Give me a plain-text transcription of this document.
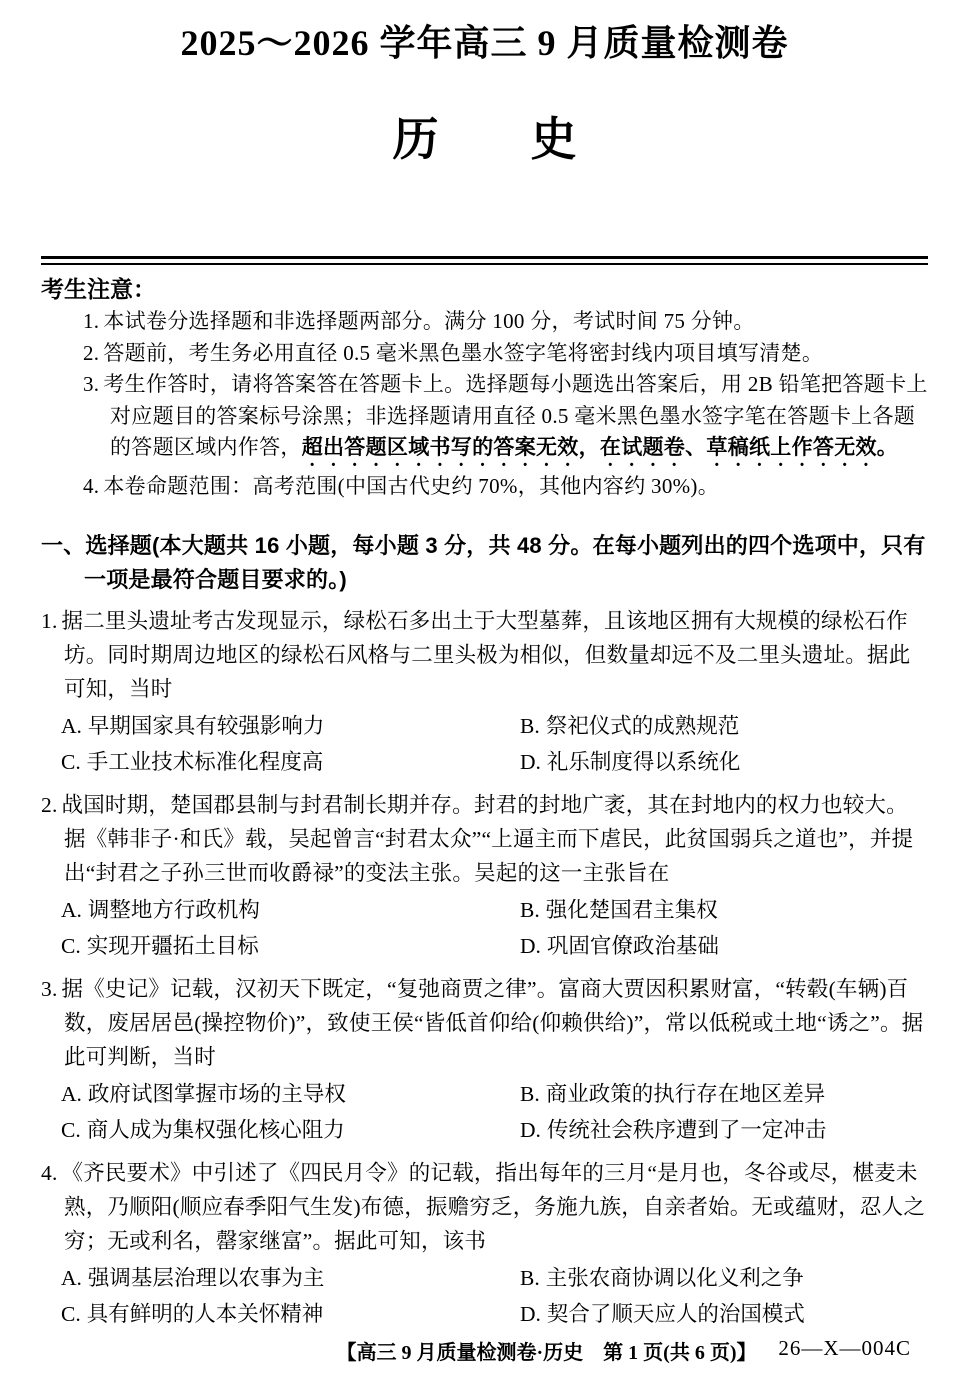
2025～2026 学年高三 9 月质量检测卷
历　　史
考生注意：
1. 本试卷分选择题和非选择题两部分。满分 100 分，考试时间 75 分钟。
2. 答题前，考生务必用直径 0.5 毫米黑色墨水签字笔将密封线内项目填写清楚。
3. 考生作答时，请将答案答在答题卡上。选择题每小题选出答案后，用 2B 铅笔把答题卡上对应题目的答案标号涂黑；非选择题请用直径 0.5 毫米黑色墨水签字笔在答题卡上各题的答题区域内作答，超出答题区域书写的答案无效，在试题卷、草稿纸上作答无效。
4. 本卷命题范围：高考范围(中国古代史约 70%，其他内容约 30%)。
一、选择题(本大题共 16 小题，每小题 3 分，共 48 分。在每小题列出的四个选项中，只有一项是最符合题目要求的。)

1. 据二里头遗址考古发现显示，绿松石多出土于大型墓葬，且该地区拥有大规模的绿松石作坊。同时期周边地区的绿松石风格与二里头极为相似，但数量却远不及二里头遗址。据此可知，当时

A. 早期国家具有较强影响力	B. 祭祀仪式的成熟规范
C. 手工业技术标准化程度高	D. 礼乐制度得以系统化

2. 战国时期，楚国郡县制与封君制长期并存。封君的封地广袤，其在封地内的权力也较大。据《韩非子·和氏》载，吴起曾言“封君太众”“上逼主而下虐民，此贫国弱兵之道也”，并提出“封君之子孙三世而收爵禄”的变法主张。吴起的这一主张旨在

A. 调整地方行政机构	B. 强化楚国君主集权
C. 实现开疆拓土目标	D. 巩固官僚政治基础

3. 据《史记》记载，汉初天下既定，“复弛商贾之律”。富商大贾因积累财富，“转毂(车辆)百数，废居居邑(操控物价)”，致使王侯“皆低首仰给(仰赖供给)”，常以低税或土地“诱之”。据此可判断，当时

A. 政府试图掌握市场的主导权	B. 商业政策的执行存在地区差异
C. 商人成为集权强化核心阻力	D. 传统社会秩序遭到了一定冲击

4. 《齐民要术》中引述了《四民月令》的记载，指出每年的三月“是月也，冬谷或尽，椹麦未熟，乃顺阳(顺应春季阳气生发)布德，振赡穷乏，务施九族，自亲者始。无或蕴财，忍人之穷；无或利名，罄家继富”。据此可知，该书

A. 强调基层治理以农事为主	B. 主张农商协调以化义利之争
C. 具有鲜明的人本关怀精神	D. 契合了顺天应人的治国模式
【高三 9 月质量检测卷·历史　第 1 页(共 6 页)】 26—X—004C
